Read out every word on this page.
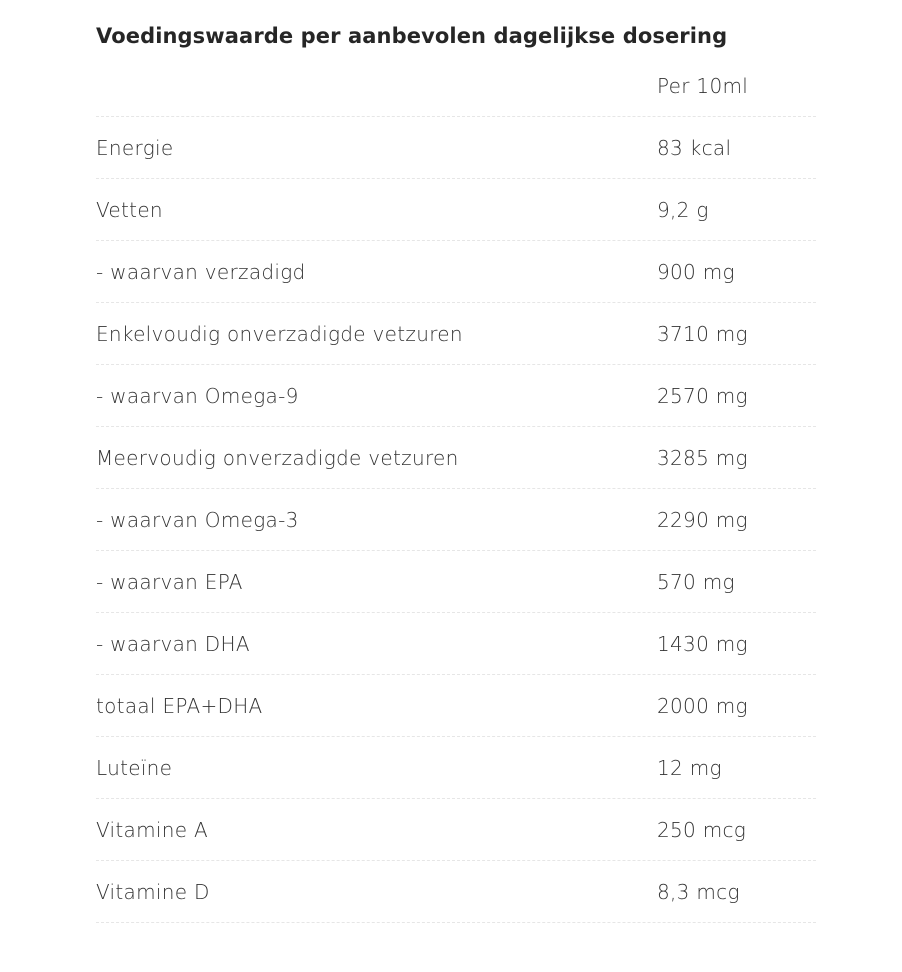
Voedingswaarde per aanbevolen dagelijkse dosering
Per 10ml
Energie	83 kcal
Vetten	9,2 g
- waarvan verzadigd	900 mg
Enkelvoudig onverzadigde vetzuren	3710 mg
- waarvan Omega-9	2570 mg
Meervoudig onverzadigde vetzuren	3285 mg
- waarvan Omega-3	2290 mg
- waarvan EPA	570 mg
- waarvan DHA	1430 mg
totaal EPA+DHA	2000 mg
Luteïne	12 mg
Vitamine A	250 mcg
Vitamine D	8,3 mcg
